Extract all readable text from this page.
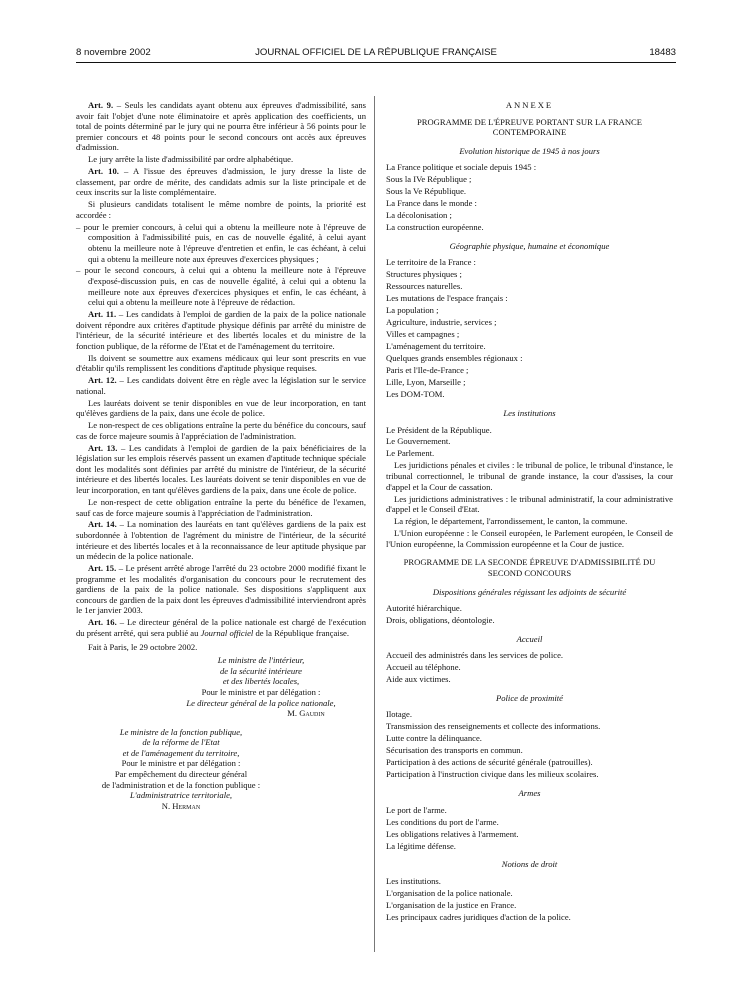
8 novembre 2002	JOURNAL OFFICIEL DE LA RÉPUBLIQUE FRANÇAISE	18483

Art. 9. – Seuls les candidats ayant obtenu aux épreuves d'admissibilité, sans avoir fait l'objet d'une note éliminatoire et après application des coefficients, un total de points déterminé par le jury qui ne pourra être inférieur à 56 points pour le premier concours et 48 points pour le second concours ont accès aux épreuves d'admission.

Le jury arrête la liste d'admissibilité par ordre alphabétique.

Art. 10. – A l'issue des épreuves d'admission, le jury dresse la liste de classement, par ordre de mérite, des candidats admis sur la liste principale et de ceux inscrits sur la liste complémentaire.

Si plusieurs candidats totalisent le même nombre de points, la priorité est accordée :

– pour le premier concours, à celui qui a obtenu la meilleure note à l'épreuve de composition à l'admissibilité puis, en cas de nouvelle égalité, à celui ayant obtenu la meilleure note à l'épreuve d'entretien et enfin, le cas échéant, à celui qui a obtenu la meilleure note aux épreuves d'exercices physiques ;

– pour le second concours, à celui qui a obtenu la meilleure note à l'épreuve d'exposé-discussion puis, en cas de nouvelle égalité, à celui qui a obtenu la meilleure note aux épreuves d'exercices physiques et enfin, le cas échéant, à celui qui a obtenu la meilleure note à l'épreuve de rédaction.

Art. 11. – Les candidats à l'emploi de gardien de la paix de la police nationale doivent répondre aux critères d'aptitude physique définis par arrêté du ministre de l'intérieur, de la sécurité intérieure et des libertés locales et du ministre de la fonction publique, de la réforme de l'Etat et de l'aménagement du territoire.

Ils doivent se soumettre aux examens médicaux qui leur sont prescrits en vue d'établir qu'ils remplissent les conditions d'aptitude physique requises.

Art. 12. – Les candidats doivent être en règle avec la législation sur le service national.

Les lauréats doivent se tenir disponibles en vue de leur incorporation, en tant qu'élèves gardiens de la paix, dans une école de police.

Le non-respect de ces obligations entraîne la perte du bénéfice du concours, sauf cas de force majeure soumis à l'appréciation de l'administration.

Art. 13. – Les candidats à l'emploi de gardien de la paix bénéficiaires de la législation sur les emplois réservés passent un examen d'aptitude technique spéciale dont les modalités sont définies par arrêté du ministre de l'intérieur, de la sécurité intérieure et des libertés locales. Les lauréats doivent se tenir disponibles en vue de leur incorporation, en tant qu'élèves gardiens de la paix, dans une école de police.

Le non-respect de cette obligation entraîne la perte du bénéfice de l'examen, sauf cas de force majeure soumis à l'appréciation de l'administration.

Art. 14. – La nomination des lauréats en tant qu'élèves gardiens de la paix est subordonnée à l'obtention de l'agrément du ministre de l'intérieur, de la sécurité intérieure et des libertés locales et à la reconnaissance de leur aptitude physique par un médecin de la police nationale.

Art. 15. – Le présent arrêté abroge l'arrêté du 23 octobre 2000 modifié fixant le programme et les modalités d'organisation du concours pour le recrutement des gardiens de la paix de la police nationale. Ses dispositions s'appliquent aux concours de gardien de la paix dont les épreuves d'admissibilité interviendront après le 1er janvier 2003.

Art. 16. – Le directeur général de la police nationale est chargé de l'exécution du présent arrêté, qui sera publié au Journal officiel de la République française.

Fait à Paris, le 29 octobre 2002.

Le ministre de l'intérieur,
de la sécurité intérieure
et des libertés locales,
Pour le ministre et par délégation :
Le directeur général de la police nationale,
M. Gaudin
Le ministre de la fonction publique,
de la réforme de l'Etat
et de l'aménagement du territoire,
Pour le ministre et par délégation :
Par empêchement du directeur général
de l'administration et de la fonction publique :
L'administratrice territoriale,
N. Herman
ANNEXE
PROGRAMME DE L'ÉPREUVE PORTANT SUR LA FRANCE CONTEMPORAINE
Evolution historique de 1945 à nos jours
La France politique et sociale depuis 1945 :
Sous la IVe République ;
Sous la Ve République.
La France dans le monde :
La décolonisation ;
La construction européenne.
Géographie physique, humaine et économique
Le territoire de la France :
Structures physiques ;
Ressources naturelles.
Les mutations de l'espace français :
La population ;
Agriculture, industrie, services ;
Villes et campagnes ;
L'aménagement du territoire.
Quelques grands ensembles régionaux :
Paris et l'Ile-de-France ;
Lille, Lyon, Marseille ;
Les DOM-TOM.
Les institutions
Le Président de la République.
Le Gouvernement.
Le Parlement.

Les juridictions pénales et civiles : le tribunal de police, le tribunal d'instance, le tribunal correctionnel, le tribunal de grande instance, la cour d'assises, la cour d'appel et la Cour de cassation.

Les juridictions administratives : le tribunal administratif, la cour administrative d'appel et le Conseil d'Etat.

La région, le département, l'arrondissement, le canton, la commune.

L'Union européenne : le Conseil européen, le Parlement européen, le Conseil de l'Union européenne, la Commission européenne et la Cour de justice.

PROGRAMME DE LA SECONDE ÉPREUVE D'ADMISSIBILITÉ DU SECOND CONCOURS
Dispositions générales régissant les adjoints de sécurité
Autorité hiérarchique.
Drois, obligations, déontologie.
Accueil
Accueil des administrés dans les services de police.
Accueil au téléphone.
Aide aux victimes.
Police de proximité
Ilotage.
Transmission des renseignements et collecte des informations.
Lutte contre la délinquance.
Sécurisation des transports en commun.
Participation à des actions de sécurité générale (patrouilles).
Participation à l'instruction civique dans les milieux scolaires.
Armes
Le port de l'arme.
Les conditions du port de l'arme.
Les obligations relatives à l'armement.
La légitime défense.
Notions de droit
Les institutions.
L'organisation de la police nationale.
L'organisation de la justice en France.
Les principaux cadres juridiques d'action de la police.
